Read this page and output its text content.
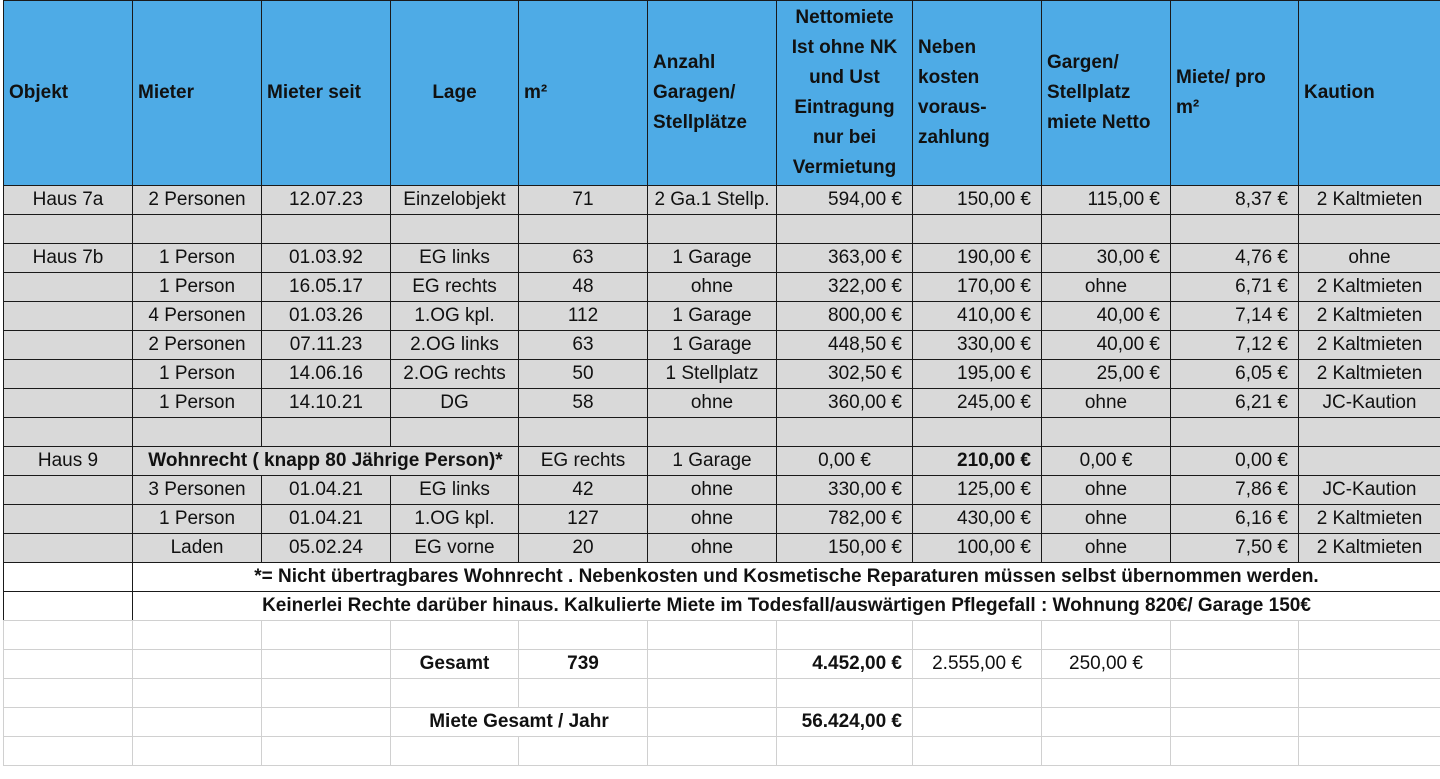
Objekt	Mieter	Mieter seit	Lage	m²	Anzahl Garagen/ Stellplätze	Nettomiete Ist ohne NK und Ust Eintragung nur bei Vermietung	Neben kosten voraus-zahlung	Gargen/ Stellplatz miete Netto	Miete/ pro m²	Kaution
Haus 7a	2 Personen	12.07.23	Einzelobjekt	71	2 Ga.1 Stellp.	594,00 €	150,00 €	115,00 €	8,37 €	2 Kaltmieten

Haus 7b	1 Person	01.03.92	EG links	63	1 Garage	363,00 €	190,00 €	30,00 €	4,76 €	ohne
	1 Person	16.05.17	EG rechts	48	ohne	322,00 €	170,00 €	ohne	6,71 €	2 Kaltmieten
	4 Personen	01.03.26	1.OG kpl.	112	1 Garage	800,00 €	410,00 €	40,00 €	7,14 €	2 Kaltmieten
	2 Personen	07.11.23	2.OG links	63	1 Garage	448,50 €	330,00 €	40,00 €	7,12 €	2 Kaltmieten
	1 Person	14.06.16	2.OG rechts	50	1 Stellplatz	302,50 €	195,00 €	25,00 €	6,05 €	2 Kaltmieten
	1 Person	14.10.21	DG	58	ohne	360,00 €	245,00 €	ohne	6,21 €	JC-Kaution

Haus 9	Wohnrecht ( knapp 80 Jährige Person)*			EG rechts	1 Garage	0,00 €	210,00 €	0,00 €	0,00 €	
	3 Personen	01.04.21	EG links	42	ohne	330,00 €	125,00 €	ohne	7,86 €	JC-Kaution
	1 Person	01.04.21	1.OG kpl.	127	ohne	782,00 €	430,00 €	ohne	6,16 €	2 Kaltmieten
	Laden	05.02.24	EG vorne	20	ohne	150,00 €	100,00 €	ohne	7,50 €	2 Kaltmieten
	*= Nicht übertragbares Wohnrecht . Nebenkosten und Kosmetische Reparaturen müssen selbst übernommen werden.									
	Keinerlei Rechte darüber hinaus. Kalkulierte Miete im Todesfall/auswärtigen Pflegefall : Wohnung 820€/ Garage 150€									

			Gesamt	739		4.452,00 €	2.555,00 €	250,00 €		

			Miete Gesamt / Jahr			56.424,00 €				
